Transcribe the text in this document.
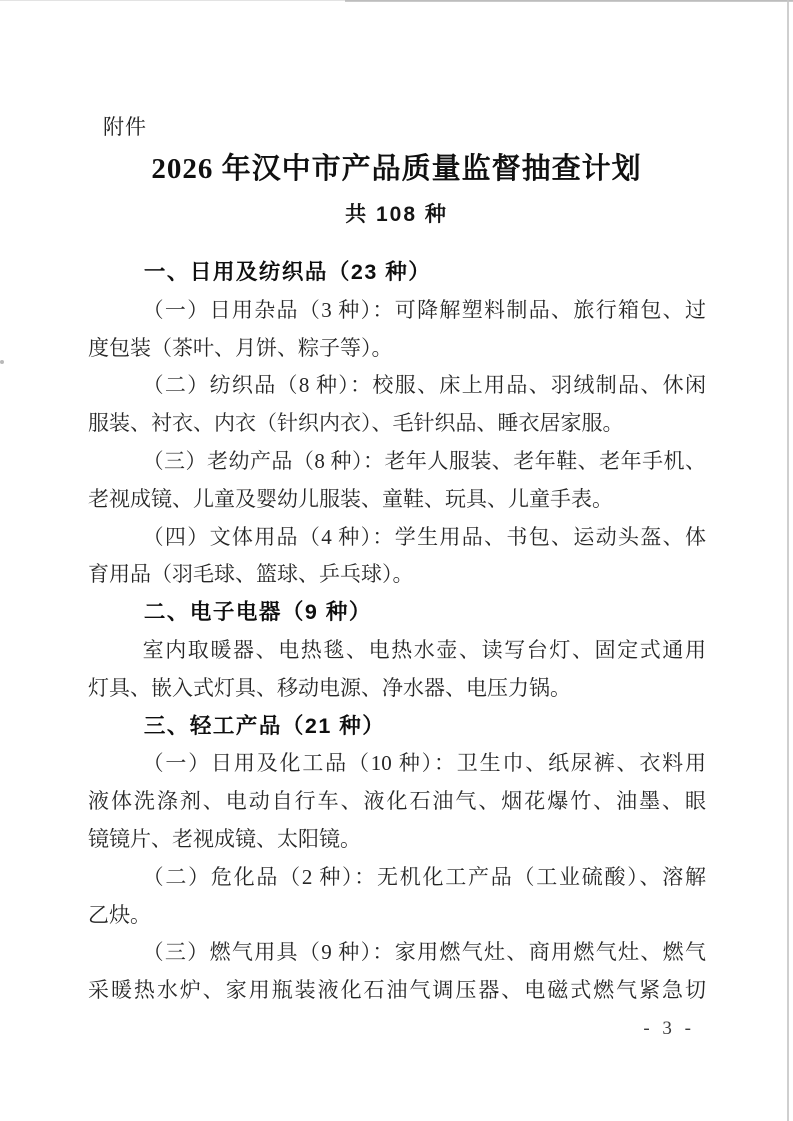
附件
2026 年汉中市产品质量监督抽查计划
共 108 种
一、日用及纺织品（23 种）
（一）日用杂品（3 种）：可降解塑料制品、旅行箱包、过
度包装（茶叶、月饼、粽子等）。
（二）纺织品（8 种）：校服、床上用品、羽绒制品、休闲
服装、衬衣、内衣（针织内衣）、毛针织品、睡衣居家服。
（三）老幼产品（8 种）：老年人服装、老年鞋、老年手机、
老视成镜、儿童及婴幼儿服装、童鞋、玩具、儿童手表。
（四）文体用品（4 种）：学生用品、书包、运动头盔、体
育用品（羽毛球、篮球、乒乓球）。
二、电子电器（9 种）
室内取暖器、电热毯、电热水壶、读写台灯、固定式通用
灯具、嵌入式灯具、移动电源、净水器、电压力锅。
三、轻工产品（21 种）
（一）日用及化工品（10 种）：卫生巾、纸尿裤、衣料用
液体洗涤剂、电动自行车、液化石油气、烟花爆竹、油墨、眼
镜镜片、老视成镜、太阳镜。
（二）危化品（2 种）：无机化工产品（工业硫酸）、溶解
乙炔。
（三）燃气用具（9 种）：家用燃气灶、商用燃气灶、燃气
采暖热水炉、家用瓶装液化石油气调压器、电磁式燃气紧急切
- 3 -
